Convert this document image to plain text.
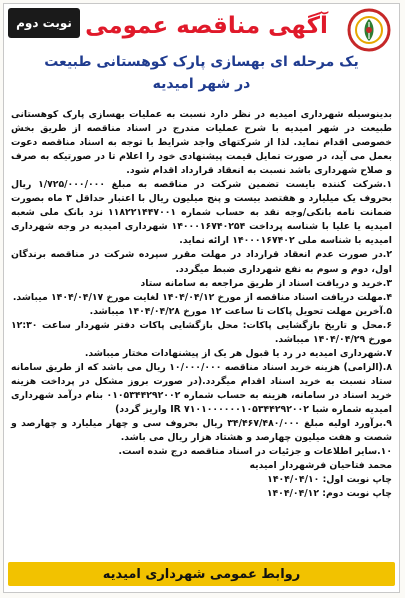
نوبت دوم آگهی مناقصه عمومی
یک مرحله ای بهسازی پارک کوهستانی طبیعت
در شهر امیدیه

بدینوسیله شهرداری امیدیه در نظر دارد نسبت به عملیات بهسازی پارک کوهستانی طبیعت در شهر امیدیه با شرح عملیات مندرج در اسناد مناقصه از طریق بخش خصوصی اقدام نماید. لذا از شرکتهای واجد شرایط با توجه به اسناد مناقصه دعوت بعمل می آید، در صورت تمایل قیمت پیشنهادی خود را اعلام تا در صورتیکه به صرف و صلاح شهرداری باشد نسبت به انعقاد قرارداد اقدام شود.

۱.شرکت کننده بایست تضمین شرکت در مناقصه به مبلغ ۱/۷۲۵/۰۰۰/۰۰۰ ریال بحروف یک میلیارد و هفتصد بیست و پنج میلیون ریال با اعتبار حداقل ۳ ماه بصورت ضمانت نامه بانکی/وجه نقد به حساب شماره ۱۱۸۲۲۱۴۴۷۰۰۱ نزد بانک ملی شعبه امیدیه یا علیا با شناسه پرداخت ۱۴۰۰۰۱۶۷۴۰۲۵۴ شهرداری امیدیه در وجه شهرداری امیدیه با شناسه ملی ۱۴۰۰۰۱۶۷۴۰۲ ارائه نماید.

۲.در صورت عدم انعقاد قرارداد در مهلت مقرر سپرده شرکت در مناقصه برندگان اول، دوم و سوم به نفع شهرداری ضبط میگردد.

۳.خرید و دریافت اسناد از طریق مراجعه به سامانه ستاد

۴.مهلت دریافت اسناد مناقصه از مورخ ۱۴۰۴/۰۴/۱۲ لغایت مورخ ۱۴۰۴/۰۴/۱۷ میباشد.

۵.آخرین مهلت تحویل پاکات تا ساعت ۱۲ مورخ ۱۴۰۴/۰۴/۲۸ میباشد.

۶.محل و تاریخ بازگشایی پاکات: محل بازگشایی پاکات دفتر شهردار ساعت ۱۲:۳۰ مورخ ۱۴۰۴/۰۴/۲۹ میباشد.

۷.شهرداری امیدیه در رد یا قبول هر یک از پیشنهادات مختار میباشد.

۸.(الزامی) هزینه خرید اسناد مناقصه ۱۰/۰۰۰/۰۰۰ ریال می باشد که از طریق سامانه ستاد نسبت به خرید اسناد اقدام میگردد.(در صورت بروز مشکل در پرداخت هزینه خرید اسناد در سامانه، هزینه به حساب شماره ۰۱۰۵۳۴۴۲۹۲۰۰۲ بنام درآمد شهرداری امیدیه شماره شبا IR ۷۱۰۱۰۰۰۰۰۰۱۰۵۳۴۴۲۹۲۰۰۲ واریز گردد)

۹.برآورد اولیه مبلغ ۳۴/۴۶۷/۴۸۰/۰۰۰ ریال بحروف سی و چهار میلیارد و چهارصد و شصت و هفت میلیون چهارصد و هشتاد هزار ریال می باشد.

۱۰.سایر اطلاعات و جزئیات در اسناد مناقصه درج شده است.

محمد فتاحیان فرشهردار امیدیه

چاپ نوبت اول: ۱۴۰۴/۰۴/۱۰

چاپ نوبت دوم: ۱۴۰۴/۰۴/۱۲

روابط عمومی شهرداری امیدیه
